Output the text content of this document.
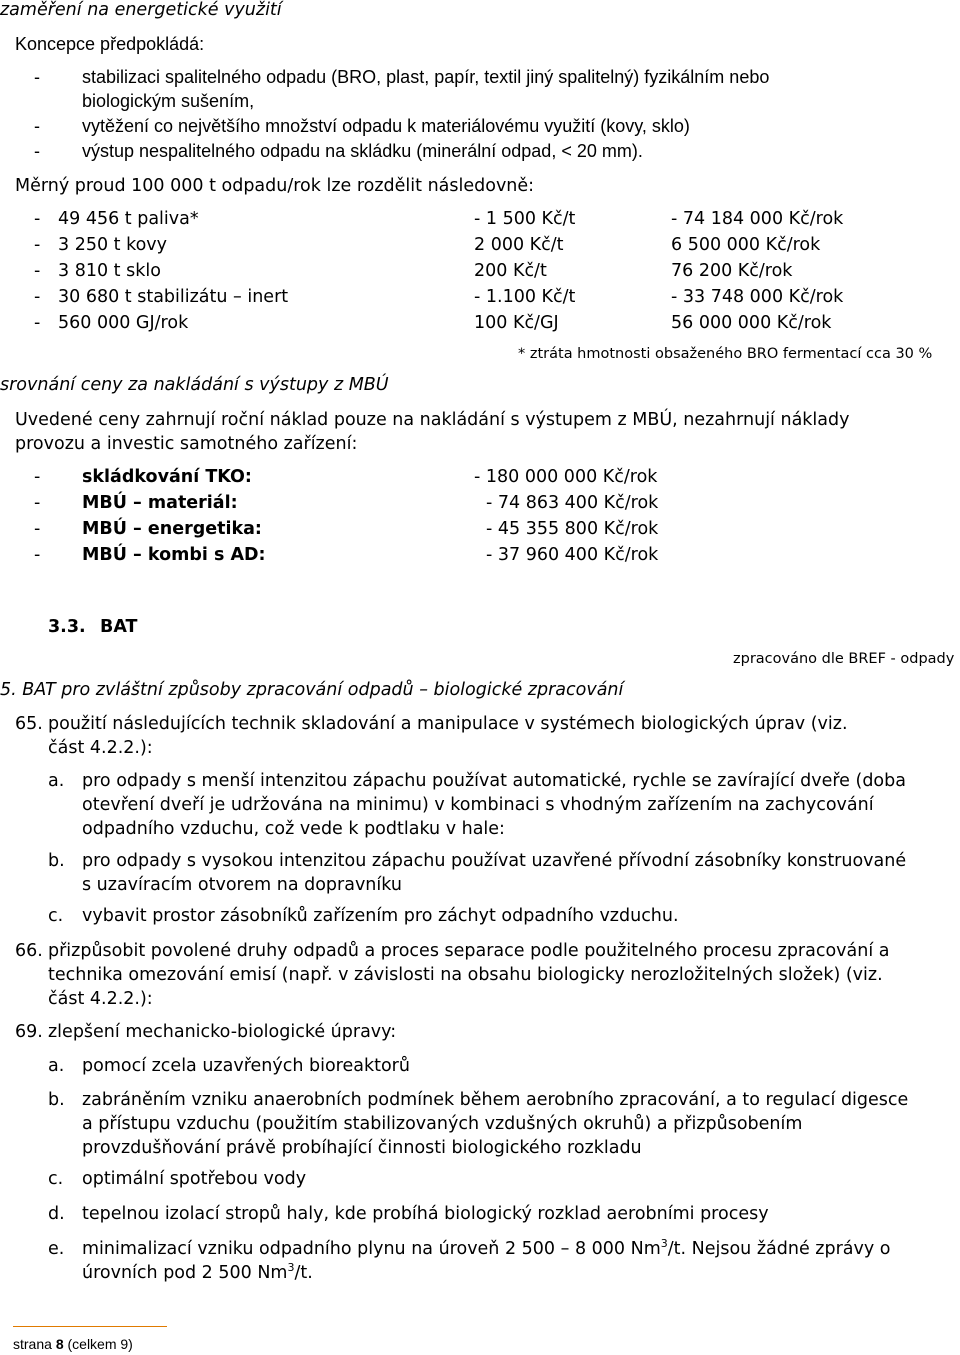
zaměření na energetické využití
Koncepce předpokládá:
- stabilizaci spalitelného odpadu (BRO, plast, papír, textil jiný spalitelný) fyzikálním nebo
biologickým sušením,
- vytěžení co největšího množství odpadu k materiálovému využití (kovy, sklo)
- výstup nespalitelného odpadu na skládku (minerální odpad, < 20 mm).
Měrný proud 100 000 t odpadu/rok lze rozdělit následovně:
- 49 456 t paliva*	- 1 500 Kč/t	- 74 184 000 Kč/rok
- 3 250 t kovy	2 000 Kč/t	6 500 000 Kč/rok
- 3 810 t sklo	200 Kč/t	76 200 Kč/rok
- 30 680 t stabilizátu – inert	- 1.100 Kč/t	- 33 748 000 Kč/rok
- 560 000 GJ/rok	100 Kč/GJ	56 000 000 Kč/rok
* ztráta hmotnosti obsaženého BRO fermentací cca 30 %
srovnání ceny za nakládání s výstupy z MBÚ
Uvedené ceny zahrnují roční náklad pouze na nakládání s výstupem z MBÚ, nezahrnují náklady
provozu a investic samotného zařízení:
- skládkování TKO:	- 180 000 000 Kč/rok
- MBÚ – materiál:	- 74 863 400 Kč/rok
- MBÚ – energetika:	- 45 355 800 Kč/rok
- MBÚ – kombi s AD:	- 37 960 400 Kč/rok
3.3. BAT
zpracováno dle BREF - odpady
5. BAT pro zvláštní způsoby zpracování odpadů – biologické zpracování
65. použití následujících technik skladování a manipulace v systémech biologických úprav (viz.
část 4.2.2.):
a. pro odpady s menší intenzitou zápachu používat automatické, rychle se zavírající dveře (doba
otevření dveří je udržována na minimu) v kombinaci s vhodným zařízením na zachycování
odpadního vzduchu, což vede k podtlaku v hale:
b. pro odpady s vysokou intenzitou zápachu používat uzavřené přívodní zásobníky konstruované
s uzavíracím otvorem na dopravníku
c. vybavit prostor zásobníků zařízením pro záchyt odpadního vzduchu.
66. přizpůsobit povolené druhy odpadů a proces separace podle použitelného procesu zpracování a
technika omezování emisí (např. v závislosti na obsahu biologicky nerozložitelných složek) (viz.
část 4.2.2.):
69. zlepšení mechanicko-biologické úpravy:
a. pomocí zcela uzavřených bioreaktorů
b. zabráněním vzniku anaerobních podmínek během aerobního zpracování, a to regulací digesce
a přístupu vzduchu (použitím stabilizovaných vzdušných okruhů) a přizpůsobením
provzdušňování právě probíhající činnosti biologického rozkladu
c. optimální spotřebou vody
d. tepelnou izolací stropů haly, kde probíhá biologický rozklad aerobními procesy
e. minimalizací vzniku odpadního plynu na úroveň 2 500 – 8 000 Nm$^3$/t. Nejsou žádné zprávy o
úrovních pod 2 500 Nm$^3$/t.
strana 8 (celkem 9)
